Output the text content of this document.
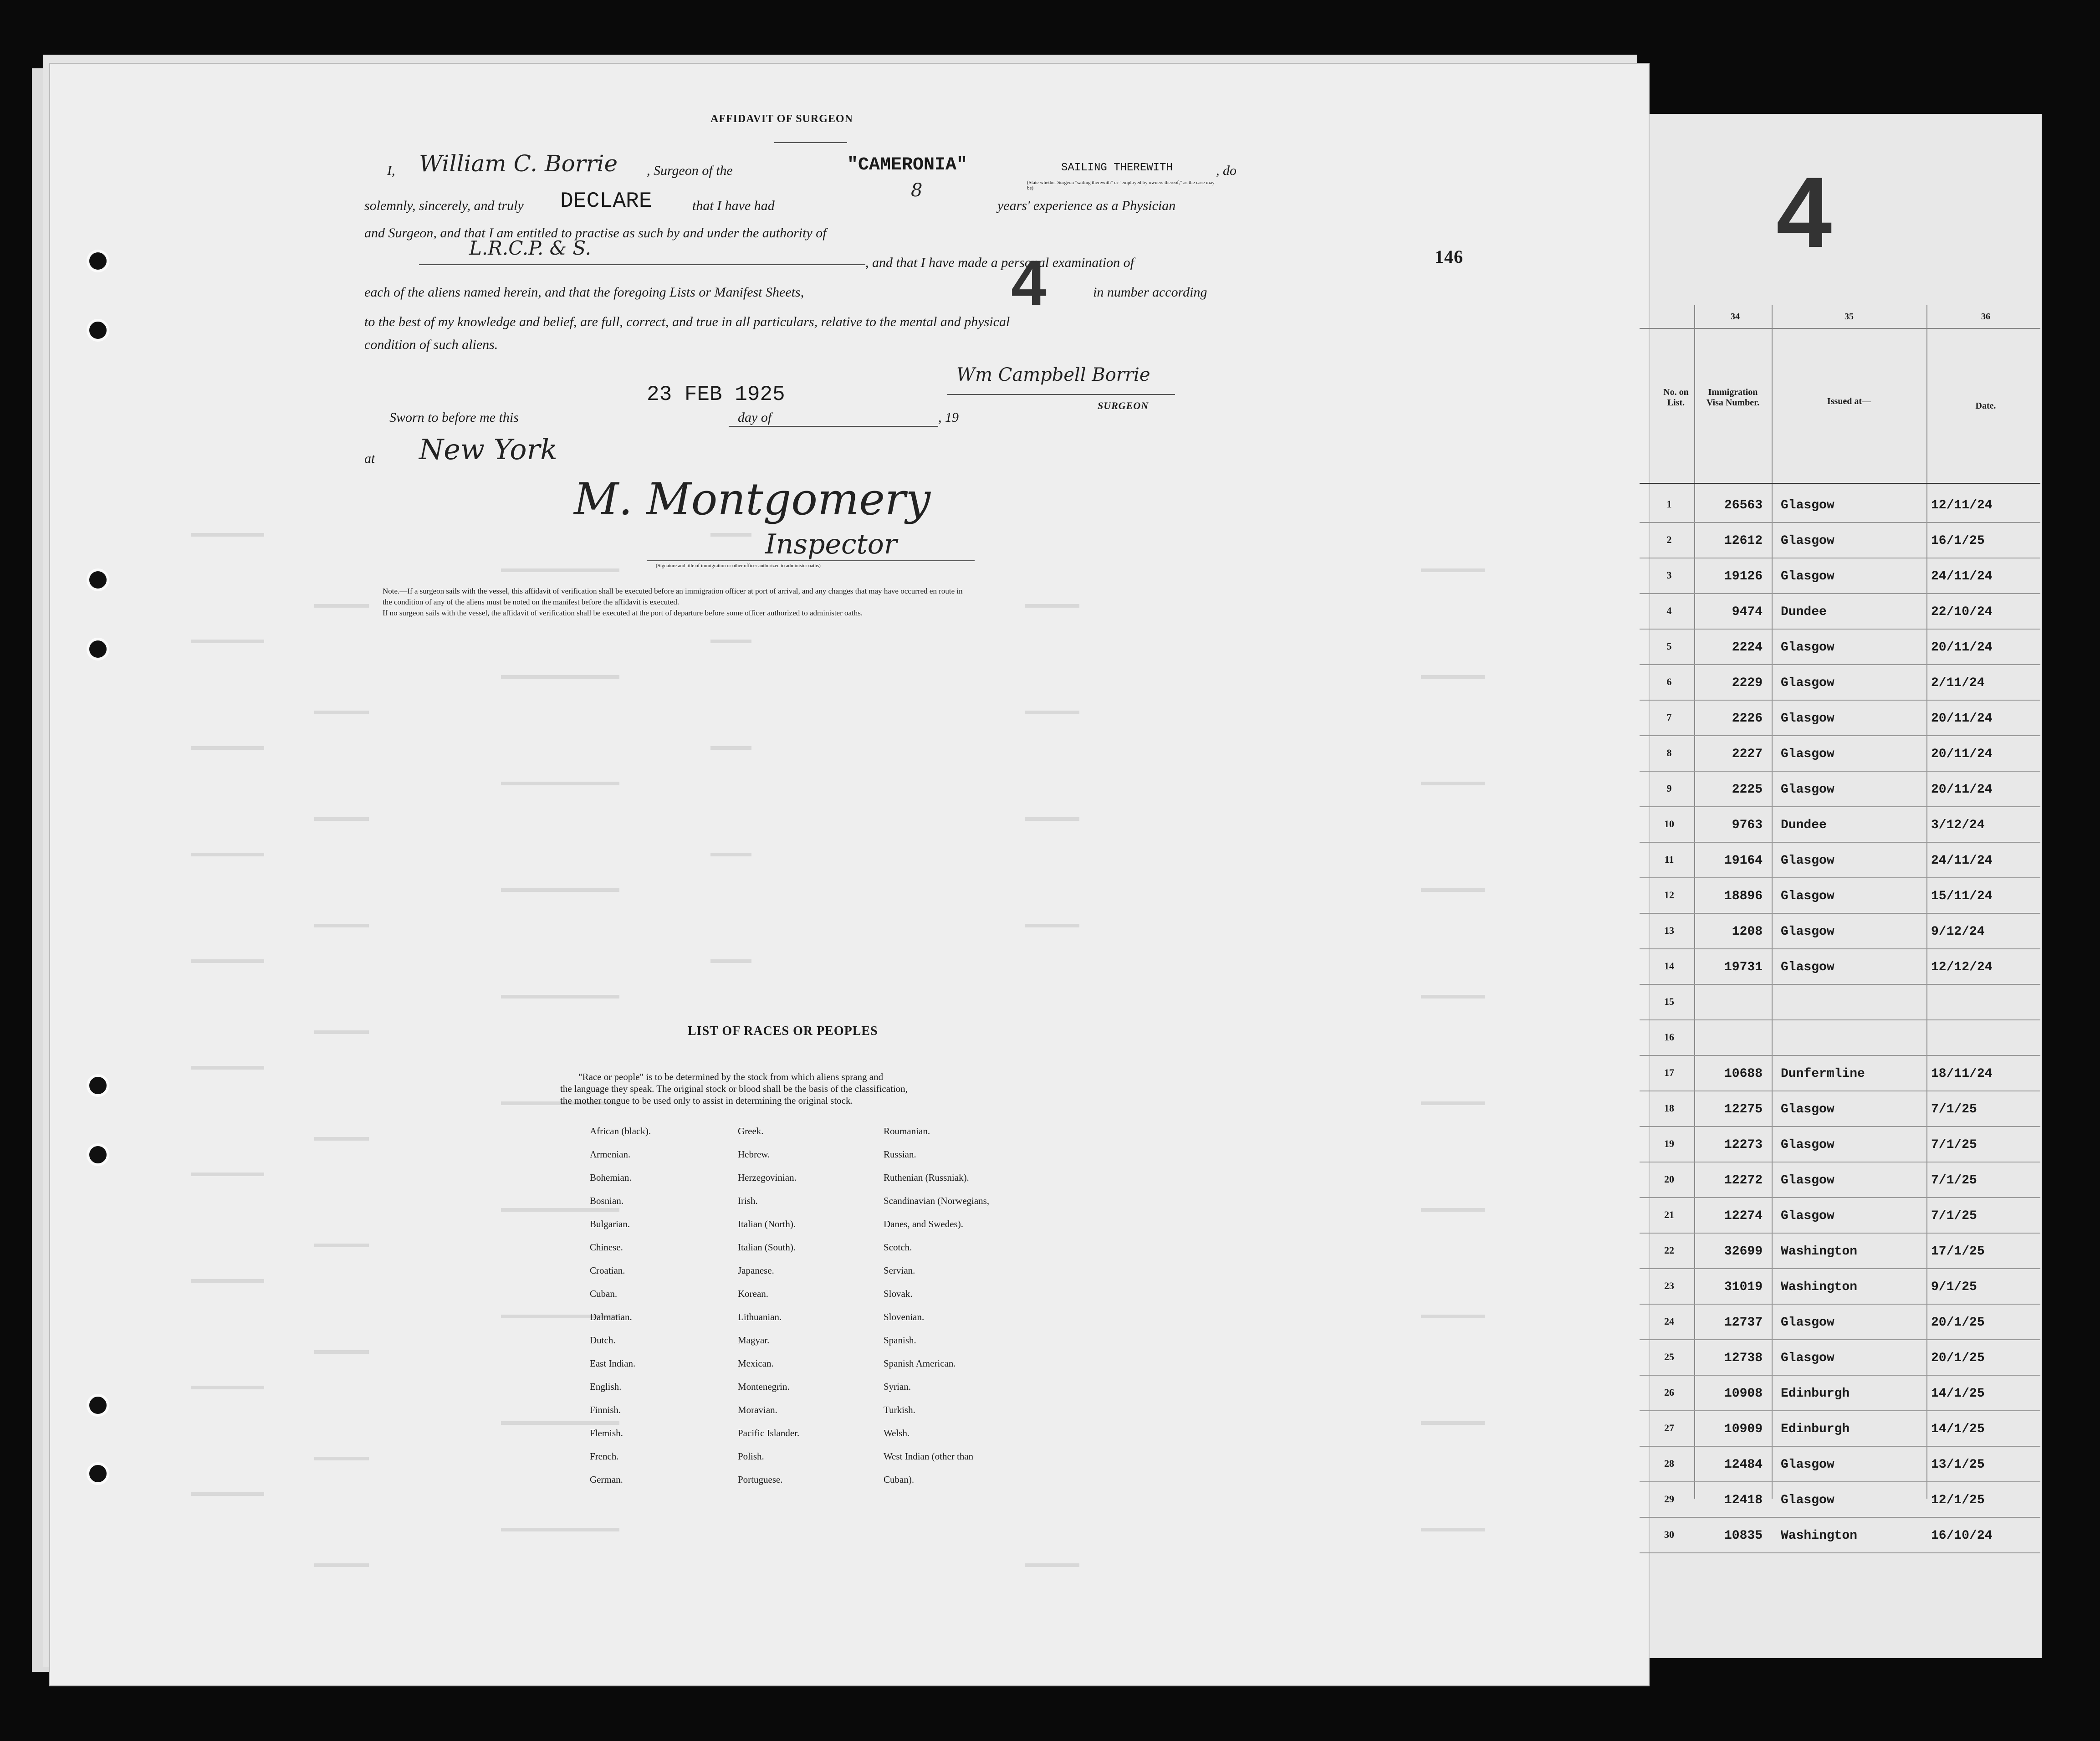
AFFIDAVIT OF SURGEON
I, William C. Borrie , Surgeon of the	"CAMERONIA"	SAILING THEREWITH
(State whether Surgeon "sailing therewith" or "employed by owners thereof," as the case may be)
, do
solemnly, sincerely, and truly DECLARE	that I have had
8
years' experience as a Physician
and Surgeon, and that I am entitled to practise as such by and under the authority of
L.R.C.P. & S.
, and that I have made a personal examination of	146
each of the aliens named herein, and that the foregoing Lists or Manifest Sheets,	4	in number according
to the best of my knowledge and belief, are full, correct, and true in all particulars, relative to the mental and physical
condition of such aliens.
Wm Campbell Borrie
SURGEON
Sworn to before me this
23 FEB 1925
day of	, 19
at New York
M. Montgomery
Inspector
(Signature and title of immigration or other officer authorized to administer oaths)
Note.—If a surgeon sails with the vessel, this affidavit of verification shall be executed before an immigration officer at port of arrival, and any changes that may have occurred en route in
the condition of any of the aliens must be noted on the manifest before the affidavit is executed.
If no surgeon sails with the vessel, the affidavit of verification shall be executed at the port of departure before some officer authorized to administer oaths.
LIST OF RACES OR PEOPLES
"Race or people" is to be determined by the stock from which aliens sprang and
the language they speak. The original stock or blood shall be the basis of the classification,
the mother tongue to be used only to assist in determining the original stock.
African (black).
Armenian.
Bohemian.
Bosnian.
Bulgarian.
Chinese.
Croatian.
Cuban.
Dalmatian.
Dutch.
East Indian.
English.
Finnish.
Flemish.
French.
German.
Greek.
Hebrew.
Herzegovinian.
Irish.
Italian (North).
Italian (South).
Japanese.
Korean.
Lithuanian.
Magyar.
Mexican.
Montenegrin.
Moravian.
Pacific Islander.
Polish.
Portuguese.
Roumanian.
Russian.
Ruthenian (Russniak).
Scandinavian (Norwegians,
Danes, and Swedes).
Scotch.
Servian.
Slovak.
Slovenian.
Spanish.
Spanish American.
Syrian.
Turkish.
Welsh.
West Indian (other than
Cuban).
4
34	35	36
No. on List.
Immigration Visa Number.	Issued at—	Date.
1	26563 Glasgow	12/11/24
2	12612 Glasgow	16/1/25
3	19126 Glasgow	24/11/24
4	9474 Dundee	22/10/24
5	2224 Glasgow	20/11/24
6	2229 Glasgow	2/11/24
7	2226 Glasgow	20/11/24
8	2227 Glasgow	20/11/24
9	2225 Glasgow	20/11/24
10	9763 Dundee	3/12/24
11	19164 Glasgow	24/11/24
12	18896 Glasgow	15/11/24
13	1208 Glasgow	9/12/24
14	19731 Glasgow	12/12/24
15
16
17	10688 Dunfermline	18/11/24
18	12275 Glasgow	7/1/25
19	12273 Glasgow	7/1/25
20	12272 Glasgow	7/1/25
21	12274 Glasgow	7/1/25
22	32699 Washington	17/1/25
23	31019 Washington	9/1/25
24	12737 Glasgow	20/1/25
25	12738 Glasgow	20/1/25
26	10908 Edinburgh	14/1/25
27	10909 Edinburgh	14/1/25
28	12484 Glasgow	13/1/25
29	12418 Glasgow	12/1/25
30	10835 Washington	16/10/24
